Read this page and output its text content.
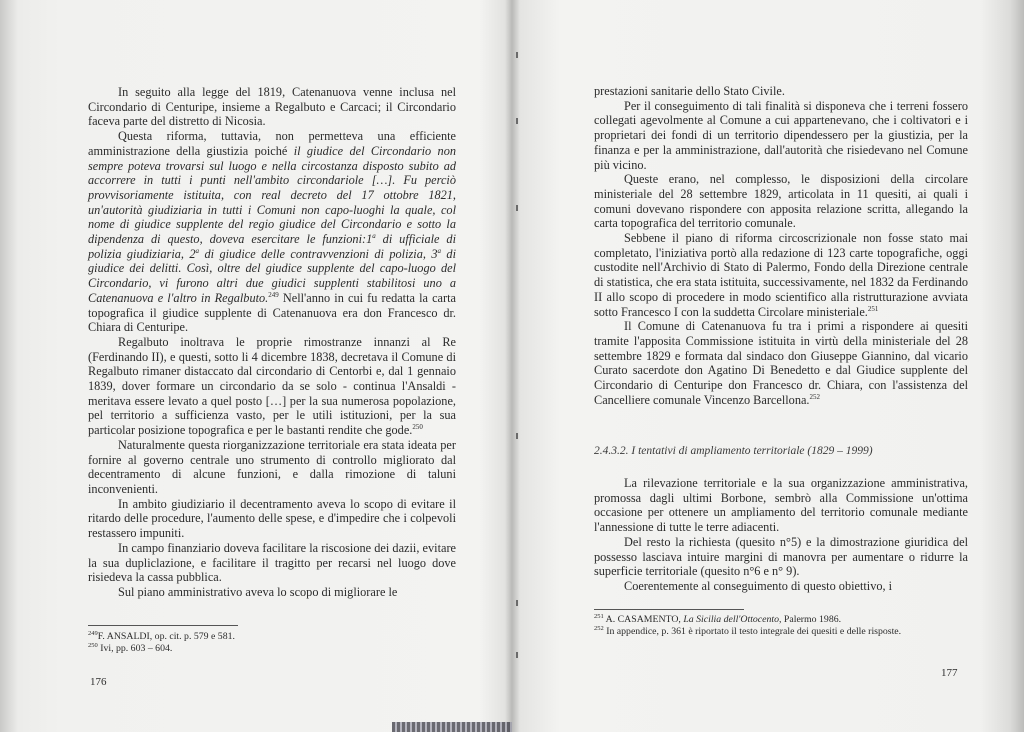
In seguito alla legge del 1819, Catenanuova venne inclusa nel Circondario di Centuripe, insieme a Regalbuto e Carcaci; il Circondario faceva parte del distretto di Nicosia.

Questa riforma, tuttavia, non permetteva una efficiente amministrazione della giustizia poiché il giudice del Circondario non sempre poteva trovarsi sul luogo e nella circostanza disposto subito ad accorrere in tutti i punti nell'ambito circondariole […]. Fu perciò provvisoriamente istituita, con real decreto del 17 ottobre 1821, un'autorità giudiziaria in tutti i Comuni non capo-luoghi la quale, col nome di giudice supplente del regio giudice del Circondario e sotto la dipendenza di questo, doveva esercitare le funzioni:1$^a$ di ufficiale di polizia giudiziaria, 2$^a$ di giudice delle contravvenzioni di polizia, 3$^a$ di giudice dei delitti. Così, oltre del giudice supplente del capo-luogo del Circondario, vi furono altri due giudici supplenti stabilitosi uno a Catenanuova e l'altro in Regalbuto.$^{249}$ Nell'anno in cui fu redatta la carta topografica il giudice supplente di Catenanuova era don Francesco dr. Chiara di Centuripe.

Regalbuto inoltrava le proprie rimostranze innanzi al Re (Ferdinando II), e questi, sotto li 4 dicembre 1838, decretava il Comune di Regalbuto rimaner distaccato dal circondario di Centorbi e, dal 1 gennaio 1839, dover formare un circondario da se solo - continua l'Ansaldi - meritava essere levato a quel posto […] per la sua numerosa popolazione, pel territorio a sufficienza vasto, per le utili istituzioni, per la sua particolar posizione topografica e per le bastanti rendite che gode.$^{250}$

Naturalmente questa riorganizzazione territoriale era stata ideata per fornire al governo centrale uno strumento di controllo migliorato dal decentramento di alcune funzioni, e dalla rimozione di taluni inconvenienti.

In ambito giudiziario il decentramento aveva lo scopo di evitare il ritardo delle procedure, l'aumento delle spese, e d'impedire che i colpevoli restassero impuniti.

In campo finanziario doveva facilitare la riscosione dei dazii, evitare la sua dupliclazione, e facilitare il tragitto per recarsi nel luogo dove risiedeva la cassa pubblica.

Sul piano amministrativo aveva lo scopo di migliorare le

$^{249}$F. ANSALDI, op. cit. p. 579 e 581.
$^{250}$ Ivi, pp. 603 – 604.
176

prestazioni sanitarie dello Stato Civile.

Per il conseguimento di tali finalità si disponeva che i terreni fossero collegati agevolmente al Comune a cui appartenevano, che i coltivatori e i proprietari dei fondi di un territorio dipendessero per la giustizia, per la finanza e per la amministrazione, dall'autorità che risiedevano nel Comune più vicino.

Queste erano, nel complesso, le disposizioni della circolare ministeriale del 28 settembre 1829, articolata in 11 quesiti, ai quali i comuni dovevano rispondere con apposita relazione scritta, allegando la carta topografica del territorio comunale.

Sebbene il piano di riforma circoscrizionale non fosse stato mai completato, l'iniziativa portò alla redazione di 123 carte topografiche, oggi custodite nell'Archivio di Stato di Palermo, Fondo della Direzione centrale di statistica, che era stata istituita, successivamente, nel 1832 da Ferdinando II allo scopo di procedere in modo scientifico alla ristrutturazione avviata sotto Francesco I con la suddetta Circolare ministeriale.$^{251}$

Il Comune di Catenanuova fu tra i primi a rispondere ai quesiti tramite l'apposita Commissione istituita in virtù della ministeriale del 28 settembre 1829 e formata dal sindaco don Giuseppe Giannino, dal vicario Curato sacerdote don Agatino Di Benedetto e dal Giudice supplente del Circondario di Centuripe don Francesco dr. Chiara, con l'assistenza del Cancelliere comunale Vincenzo Barcellona.$^{252}$

2.4.3.2. I tentativi di ampliamento territoriale (1829 – 1999)

La rilevazione territoriale e la sua organizzazione amministrativa, promossa dagli ultimi Borbone, sembrò alla Commissione un'ottima occasione per ottenere un ampliamento del territorio comunale mediante l'annessione di tutte le terre adiacenti.

Del resto la richiesta (quesito n°5) e la dimostrazione giuridica del possesso lasciava intuire margini di manovra per aumentare o ridurre la superficie territoriale (quesito n°6 e n° 9).

Coerentemente al conseguimento di questo obiettivo, i

$^{251}$ A. CASAMENTO, La Sicilia dell'Ottocento, Palermo 1986.
$^{252}$ In appendice, p. 361 è riportato il testo integrale dei quesiti e delle risposte.
177
